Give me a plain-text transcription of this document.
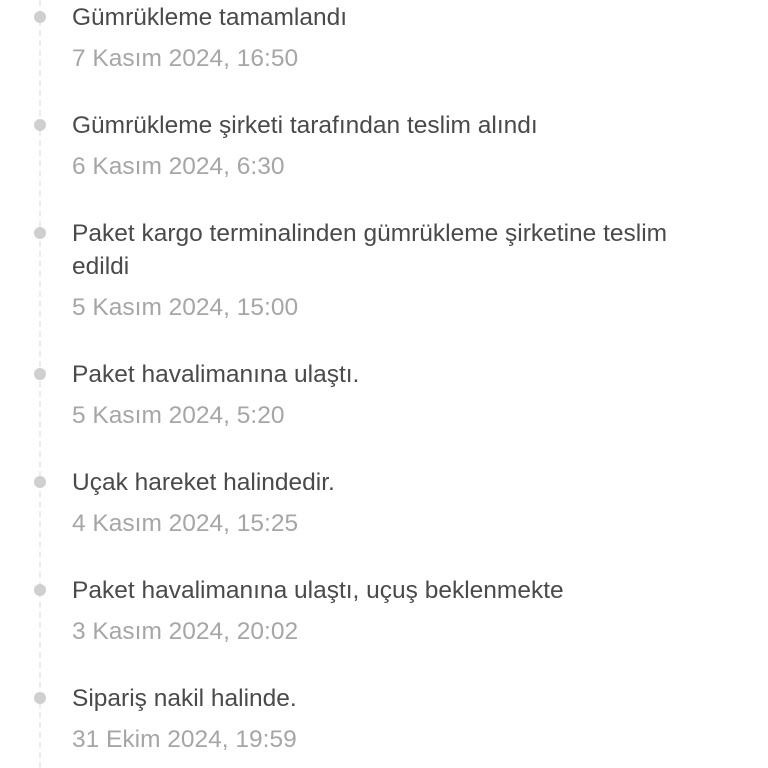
Gümrükleme tamamlandı
7 Kasım 2024, 16:50
Gümrükleme şirketi tarafından teslim alındı
6 Kasım 2024, 6:30
Paket kargo terminalinden gümrükleme şirketine teslim edildi
5 Kasım 2024, 15:00
Paket havalimanına ulaştı.
5 Kasım 2024, 5:20
Uçak hareket halindedir.
4 Kasım 2024, 15:25
Paket havalimanına ulaştı, uçuş beklenmekte
3 Kasım 2024, 20:02
Sipariş nakil halinde.
31 Ekim 2024, 19:59
